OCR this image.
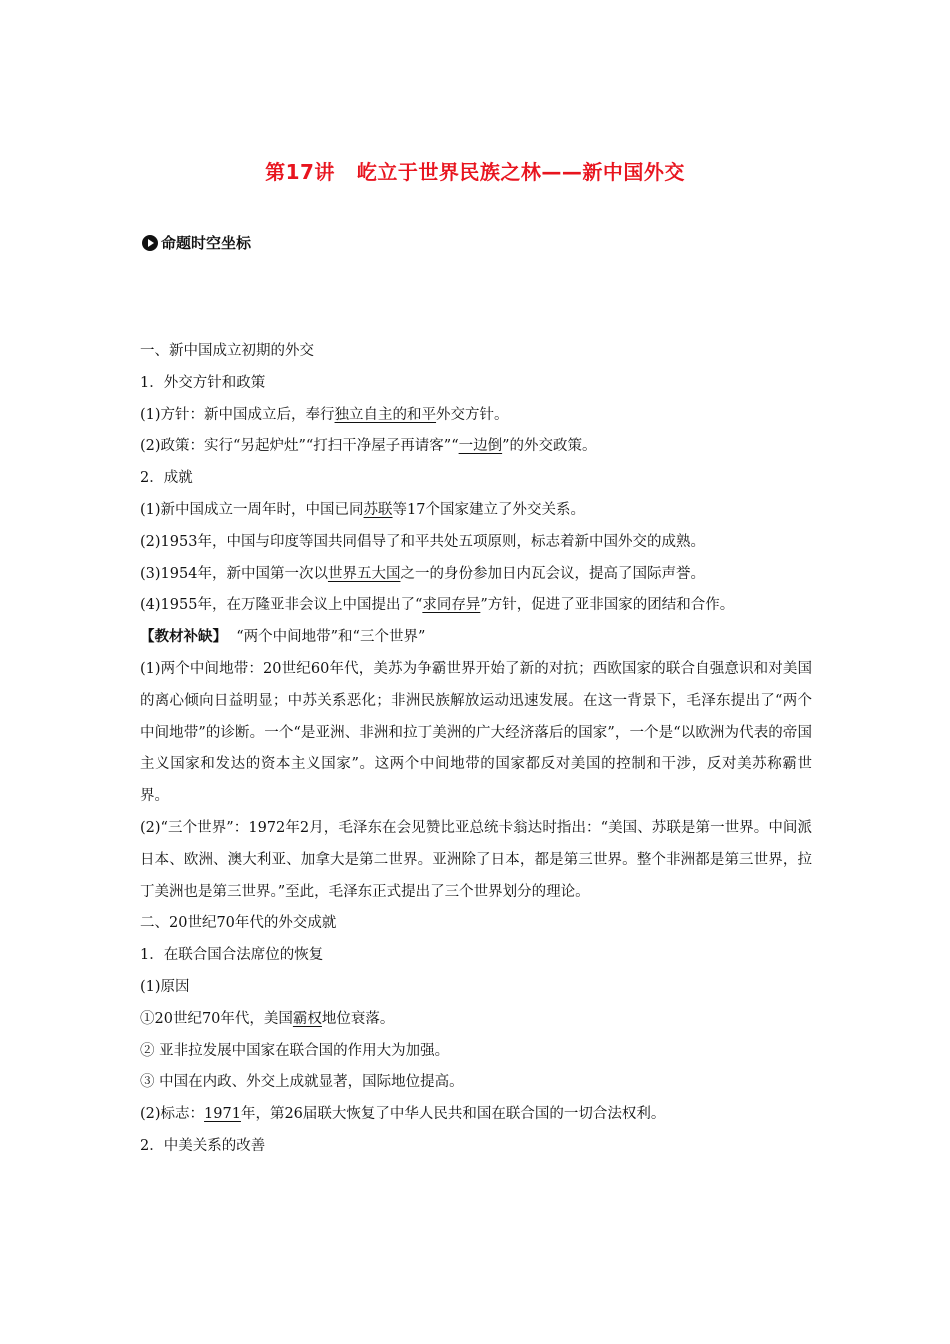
第17讲 屹立于世界民族之林——新中国外交
命题时空坐标

一、新中国成立初期的外交

1．外交方针和政策

(1)方针：新中国成立后，奉行独立自主的和平外交方针。

(2)政策：实行“另起炉灶”“打扫干净屋子再请客”“一边倒”的外交政策。

2．成就

(1)新中国成立一周年时，中国已同苏联等17个国家建立了外交关系。

(2)1953年，中国与印度等国共同倡导了和平共处五项原则，标志着新中国外交的成熟。

(3)1954年，新中国第一次以世界五大国之一的身份参加日内瓦会议，提高了国际声誉。

(4)1955年，在万隆亚非会议上中国提出了“求同存异”方针，促进了亚非国家的团结和合作。

【教材补缺】 “两个中间地带”和“三个世界”

(1)两个中间地带：20世纪60年代，美苏为争霸世界开始了新的对抗；西欧国家的联合自强意识和对美国的离心倾向日益明显；中苏关系恶化；非洲民族解放运动迅速发展。在这一背景下，毛泽东提出了“两个中间地带”的诊断。一个“是亚洲、非洲和拉丁美洲的广大经济落后的国家”，一个是“以欧洲为代表的帝国主义国家和发达的资本主义国家”。这两个中间地带的国家都反对美国的控制和干涉，反对美苏称霸世界。

(2)“三个世界”：1972年2月，毛泽东在会见赞比亚总统卡翁达时指出：“美国、苏联是第一世界。中间派日本、欧洲、澳大利亚、加拿大是第二世界。亚洲除了日本，都是第三世界。整个非洲都是第三世界，拉丁美洲也是第三世界。”至此，毛泽东正式提出了三个世界划分的理论。

二、20世纪70年代的外交成就

1．在联合国合法席位的恢复

(1)原因

①20世纪70年代，美国霸权地位衰落。

② 亚非拉发展中国家在联合国的作用大为加强。

③ 中国在内政、外交上成就显著，国际地位提高。

(2)标志：1971年，第26届联大恢复了中华人民共和国在联合国的一切合法权利。

2．中美关系的改善
